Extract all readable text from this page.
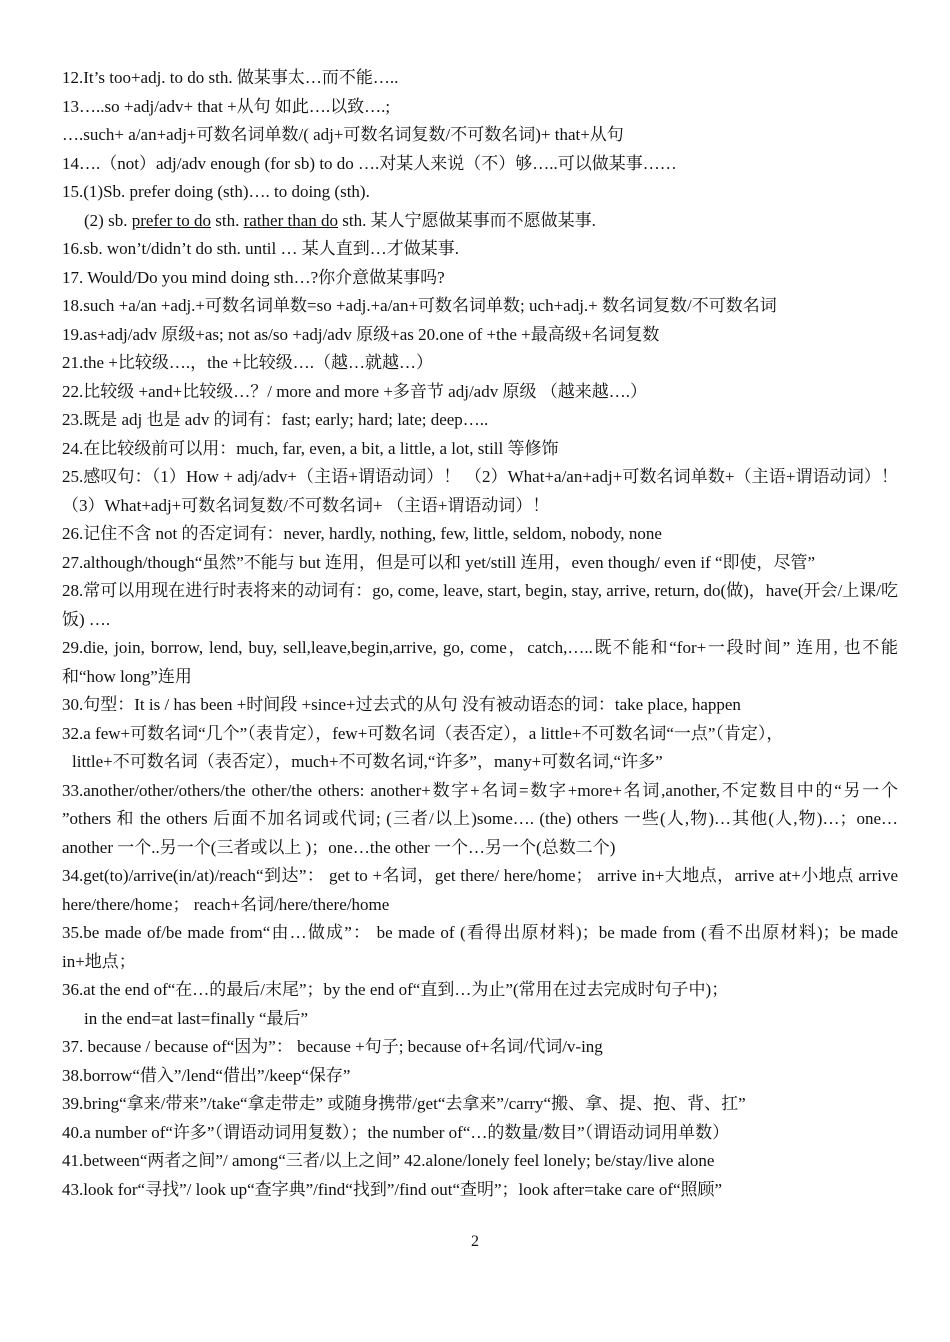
12.It’s too+adj. to do sth. 做某事太…而不能…..
13…..so +adj/adv+ that +从句 如此….以致….;
….such+ a/an+adj+可数名词单数/( adj+可数名词复数/不可数名词)+ that+从句
14….（not）adj/adv enough (for sb) to do ….对某人来说（不）够…..可以做某事……
15.(1)Sb. prefer doing (sth)…. to doing (sth).
(2) sb. prefer to do sth. rather than do sth. 某人宁愿做某事而不愿做某事.
16.sb. won’t/didn’t do sth. until … 某人直到…才做某事.
17. Would/Do you mind doing sth…?你介意做某事吗?
18.such +a/an +adj.+可数名词单数=so +adj.+a/an+可数名词单数; uch+adj.+ 数名词复数/不可数名词
19.as+adj/adv 原级+as; not as/so +adj/adv 原级+as 20.one of +the +最高级+名词复数
21.the +比较级….，the +比较级….（越…就越…）
22.比较级 +and+比较级…？/ more and more +多音节 adj/adv 原级 （越来越….）
23.既是 adj 也是 adv 的词有：fast; early; hard; late; deep…..
24.在比较级前可以用：much, far, even, a bit, a little, a lot, still 等修饰
25.感叹句：（1）How + adj/adv+（主语+谓语动词）！ （2）What+a/an+adj+可数名词单数+（主语+谓语动词）！ （3）What+adj+可数名词复数/不可数名词+ （主语+谓语动词）！
26.记住不含 not 的否定词有：never, hardly, nothing, few, little, seldom, nobody, none
27.although/though“虽然”不能与 but 连用，但是可以和 yet/still 连用，even though/ even if “即使，尽管”
28.常可以用现在进行时表将来的动词有：go, come, leave, start, begin, stay, arrive, return, do(做)，have(开会/上课/吃饭) ….
29.die, join, borrow, lend, buy, sell,leave,begin,arrive, go, come，catch,…..既不能和“for+一段时间” 连用, 也不能和“how long”连用
30.句型：It is / has been +时间段 +since+过去式的从句 没有被动语态的词：take place, happen
32.a few+可数名词“几个”（表肯定），few+可数名词（表否定），a little+不可数名词“一点”（肯定），
little+不可数名词（表否定），much+不可数名词,“许多”，many+可数名词,“许多”
33.another/other/others/the other/the others: another+数字+名词=数字+more+名词,another,不定数目中的“另一个 ”others 和 the others 后面不加名词或代词; (三者/以上)some…. (the) others 一些(人,物)…其他(人,物)…；one…another 一个..另一个(三者或以上 )；one…the other 一个…另一个(总数二个)
34.get(to)/arrive(in/at)/reach“到达”： get to +名词，get there/ here/home； arrive in+大地点，arrive at+小地点 arrive here/there/home； reach+名词/here/there/home
35.be made of/be made from“由…做成”： be made of (看得出原材料)；be made from (看不出原材料)；be made in+地点；
36.at the end of“在…的最后/末尾”；by the end of“直到…为止”(常用在过去完成时句子中)；
in the end=at last=finally “最后”
37. because / because of“因为”： because +句子; because of+名词/代词/v-ing
38.borrow“借入”/lend“借出”/keep“保存”
39.bring“拿来/带来”/take“拿走带走” 或随身携带/get“去拿来”/carry“搬、拿、提、抱、背、扛”
40.a number of“许多”（谓语动词用复数）；the number of“…的数量/数目”（谓语动词用单数）
41.between“两者之间”/ among“三者/以上之间” 42.alone/lonely feel lonely; be/stay/live alone
43.look for“寻找”/ look up“查字典”/find“找到”/find out“查明”；look after=take care of“照顾”
2
